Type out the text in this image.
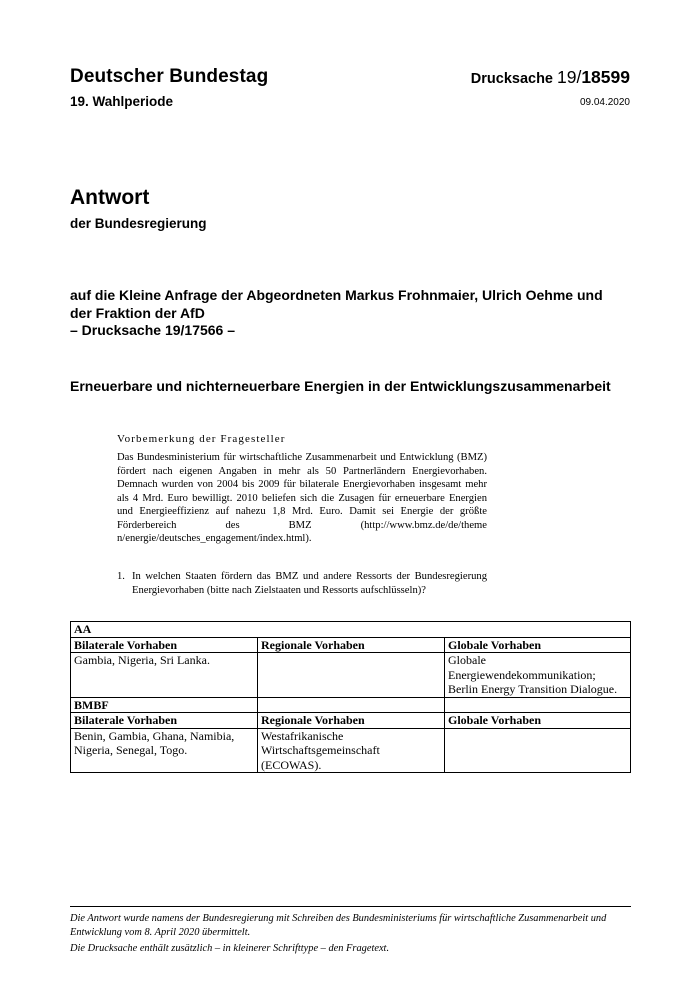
Deutscher Bundestag
19. Wahlperiode
Drucksache 19/18599
09.04.2020
Antwort
der Bundesregierung
auf die Kleine Anfrage der Abgeordneten Markus Frohnmaier, Ulrich Oehme und
der Fraktion der AfD
– Drucksache 19/17566 –
Erneuerbare und nichterneuerbare Energien in der Entwicklungszusammenarbeit
Vorbemerkung der Fragesteller
Das Bundesministerium für wirtschaftliche Zusammenarbeit und Entwicklung (BMZ) fördert nach eigenen Angaben in mehr als 50 Partnerländern Energievorhaben. Demnach wurden von 2004 bis 2009 für bilaterale Energievorhaben insgesamt mehr als 4 Mrd. Euro bewilligt. 2010 beliefen sich die Zusagen für erneuerbare Energien und Energieeffizienz auf nahezu 1,8 Mrd. Euro. Damit sei Energie der größte Förderbereich des BMZ (http://www.bmz.de/de/theme n/energie/deutsches_engagement/index.html).
1. In welchen Staaten fördern das BMZ und andere Ressorts der Bundesregierung Energievorhaben (bitte nach Zielstaaten und Ressorts aufschlüsseln)?
AA		
Bilaterale Vorhaben	Regionale Vorhaben	Globale Vorhaben
Gambia, Nigeria, Sri Lanka.		Globale Energiewendekommunikation; Berlin Energy Transition Dialogue.
BMBF		
Bilaterale Vorhaben	Regionale Vorhaben	Globale Vorhaben
Benin, Gambia, Ghana, Namibia, Nigeria, Senegal, Togo.	Westafrikanische Wirtschaftsgemeinschaft (ECOWAS).	

Die Antwort wurde namens der Bundesregierung mit Schreiben des Bundesministeriums für wirtschaftliche Zusammenarbeit und Entwicklung vom 8. April 2020 übermittelt.

Die Drucksache enthält zusätzlich – in kleinerer Schrifttype – den Fragetext.
